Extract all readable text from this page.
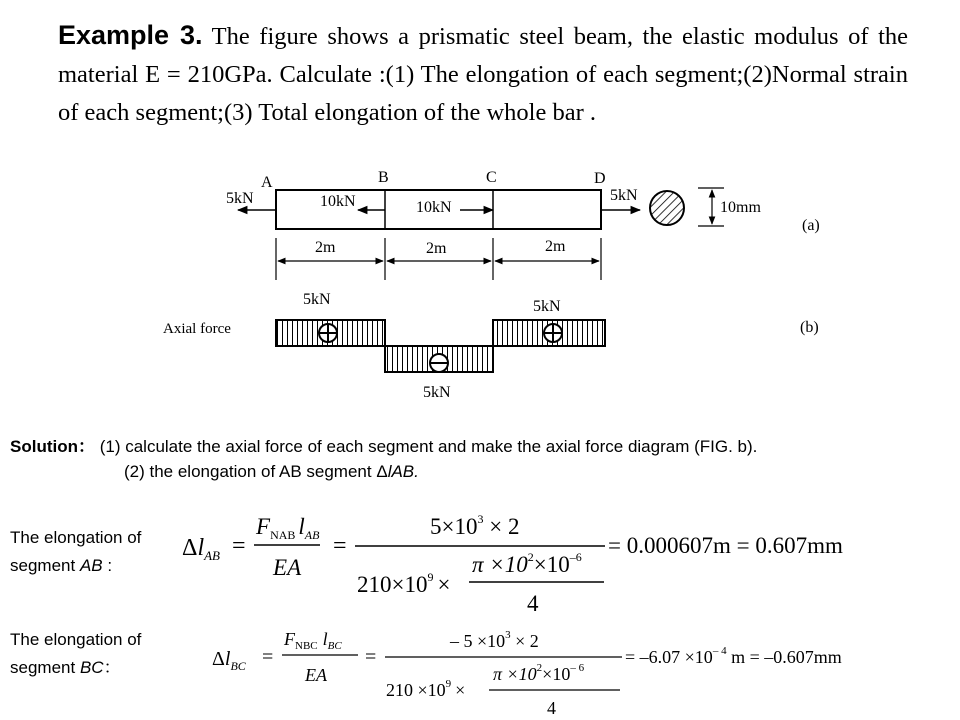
Example 3. The figure shows a prismatic steel beam, the elastic modulus of the material E = 210GPa. Calculate :(1) The elongation of each segment;(2)Normal strain of each segment;(3) Total elongation of the whole bar .
A	B	C	D
5kN	10kN	10kN
5kN
2m	2m	2m
10mm
(a)
Axial force
5kN
5kN
5kN
(b)
$\Delta l_{AB}$ =
$F_{NAB}$ $l_{AB}$
EA
=
$5\times 10^3 \times 2$
$210\times 10^9$ ×
$\pi \times 10^2\times 10^{-6}$
4
= 0.000607m = 0.607mm
$\Delta l_{BC}$ =
$F_{NBC}$ $l_{BC}$
EA
=
– $5 \times 10^3 \times 2$
$210 \times 10^9$ ×
$\pi \times 10^2\times 10^{- 6}$
4
= $-6.07 \times 10^{- 4}$ m = –0.607mm
Solution： (1) calculate the axial force of each segment and make the axial force diagram (FIG. b).
(2) the elongation of AB segment ΔlAB.
The elongation of
segment AB :
The elongation of
segment BC：
